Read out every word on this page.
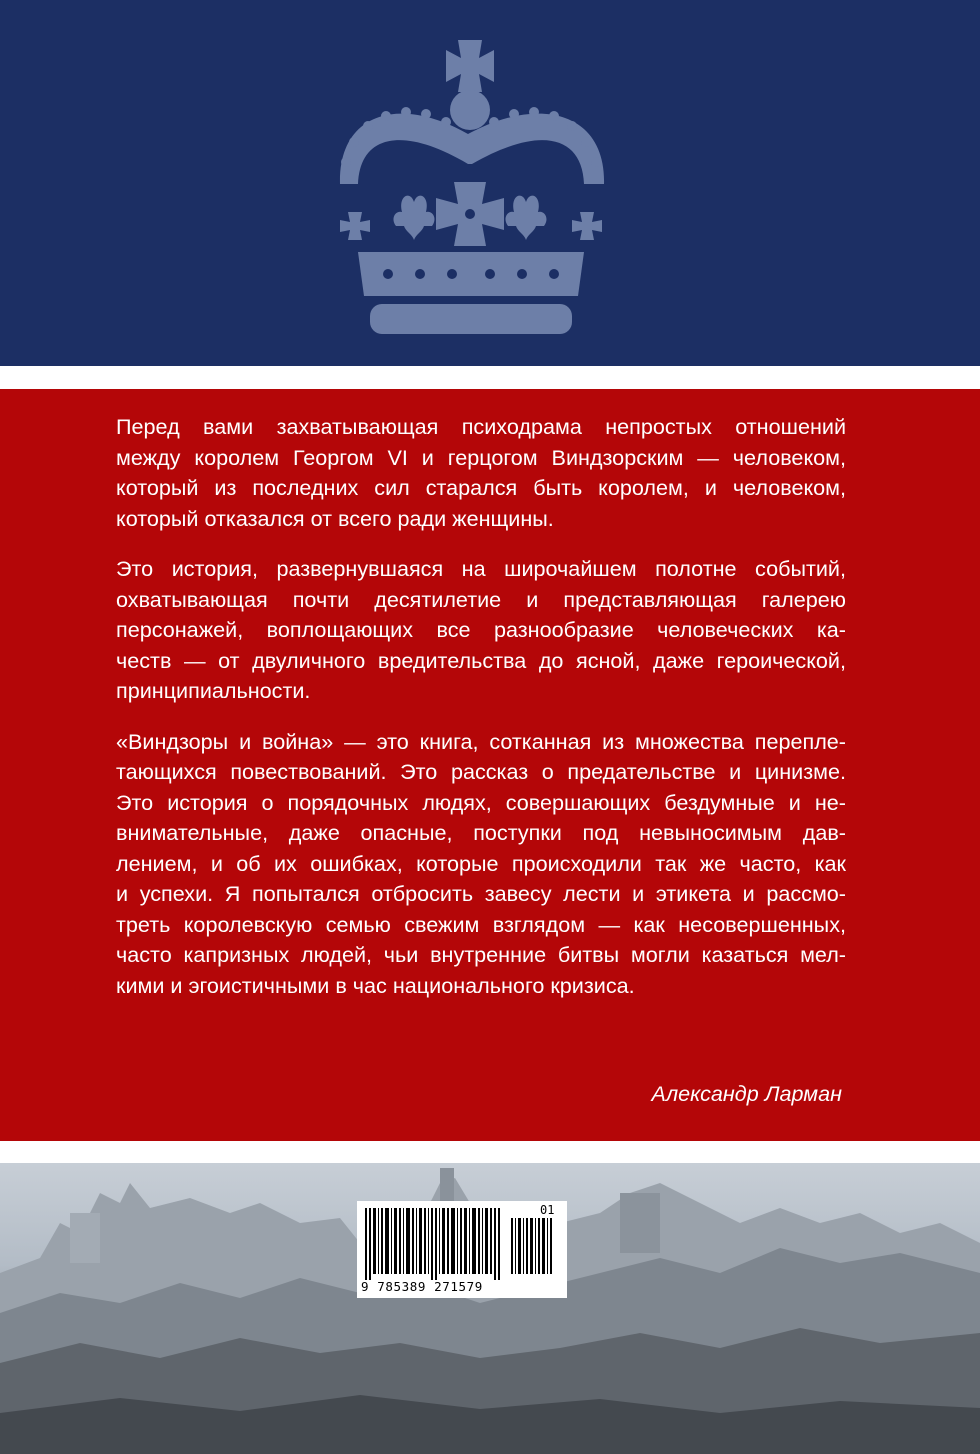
Перед вами захватывающая психодрама непростых отношений
между королем Георгом VI и герцогом Виндзорским — человеком,
который из последних сил старался быть королем, и человеком,
который отказался от всего ради женщины.

Это история, развернувшаяся на широчайшем полотне событий,
охватывающая почти десятилетие и представляющая галерею
персонажей, воплощающих все разнообразие человеческих ка-
честв — от двуличного вредительства до ясной, даже героической,
принципиальности.

«Виндзоры и война» — это книга, сотканная из множества перепле-
тающихся повествований. Это рассказ о предательстве и цинизме.
Это история о порядочных людях, совершающих бездумные и не-
внимательные, даже опасные, поступки под невыносимым дав-
лением, и об их ошибках, которые происходили так же часто, как
и успехи. Я попытался отбросить завесу лести и этикета и рассмо-
треть королевскую семью свежим взглядом — как несовершенных,
часто капризных людей, чьи внутренние битвы могли казаться мел-
кими и эгоистичными в час национального кризиса.

Александр Ларман
01
9 785389 271579
